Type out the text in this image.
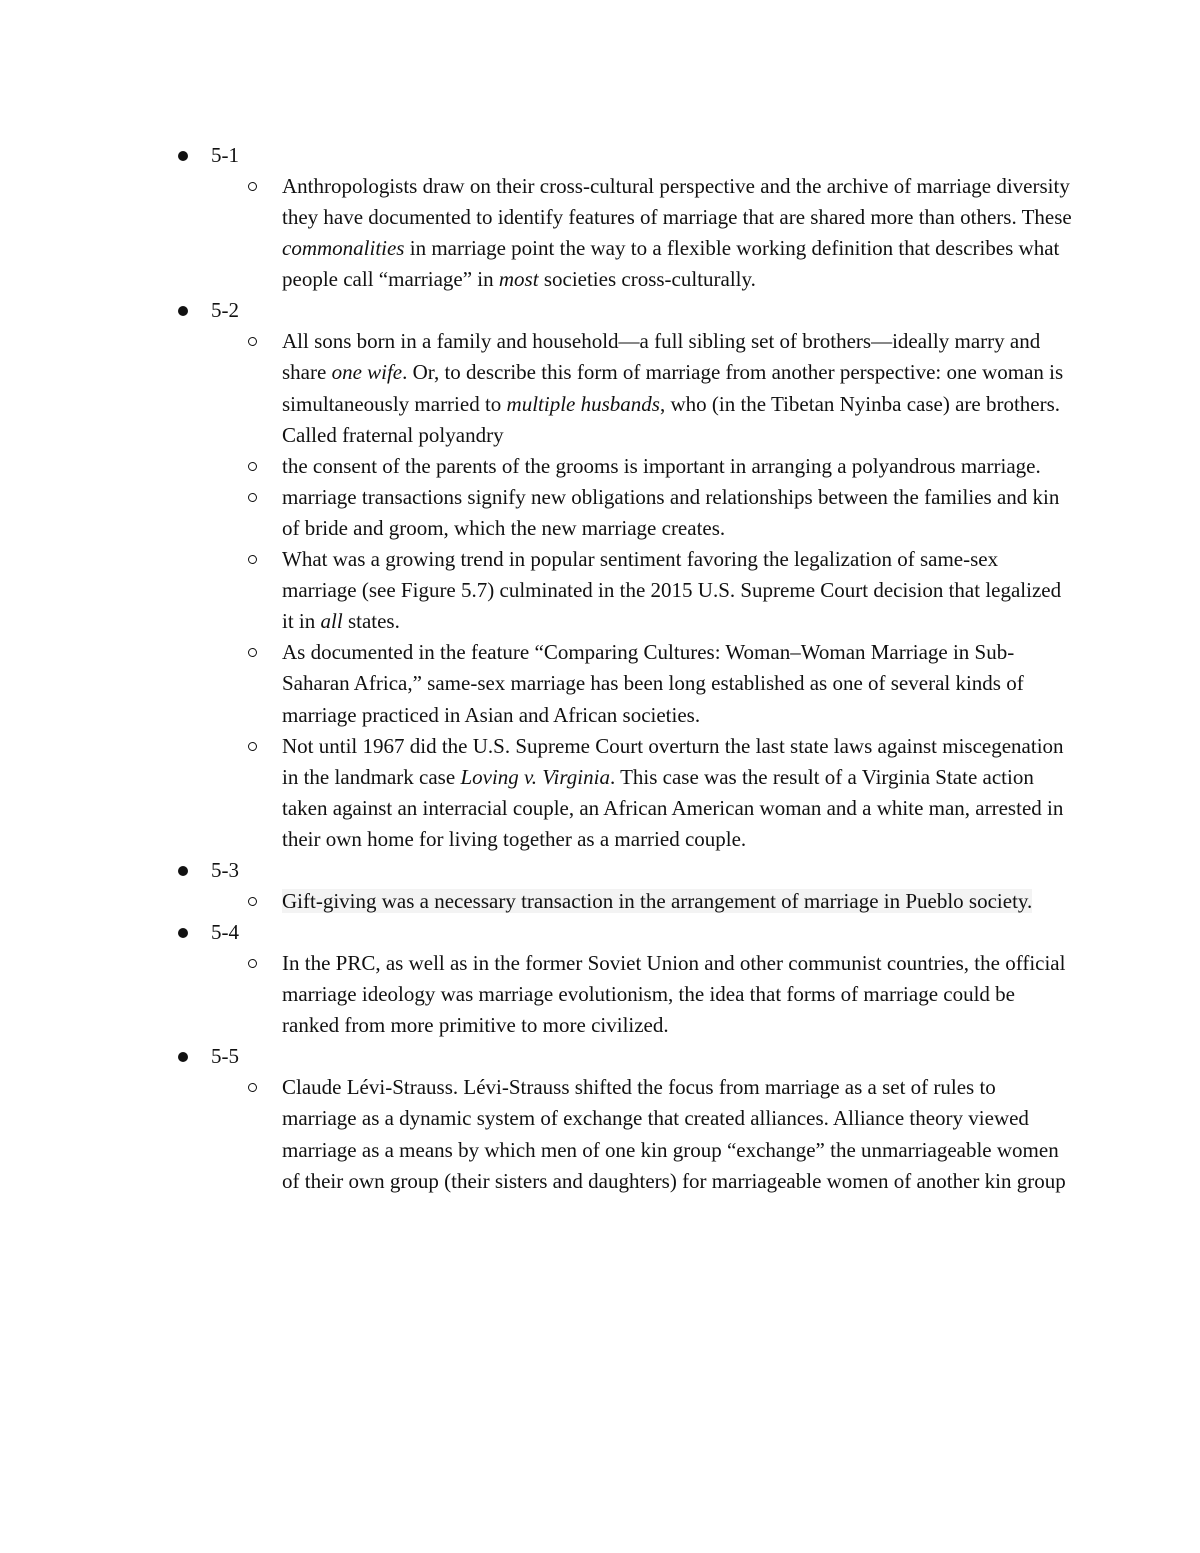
5-1
Anthropologists draw on their cross-cultural perspective and the archive of marriage diversity they have documented to identify features of marriage that are shared more than others. These commonalities in marriage point the way to a flexible working definition that describes what people call “marriage” in most societies cross-culturally.
5-2
All sons born in a family and household—a full sibling set of brothers—ideally marry and share one wife. Or, to describe this form of marriage from another perspective: one woman is simultaneously married to multiple husbands, who (in the Tibetan Nyinba case) are brothers. Called fraternal polyandry
the consent of the parents of the grooms is important in arranging a polyandrous marriage.
marriage transactions signify new obligations and relationships between the families and kin of bride and groom, which the new marriage creates.
What was a growing trend in popular sentiment favoring the legalization of same-sex marriage (see Figure 5.7) culminated in the 2015 U.S. Supreme Court decision that legalized it in all states.
As documented in the feature “Comparing Cultures: Woman–Woman Marriage in Sub-Saharan Africa,” same-sex marriage has been long established as one of several kinds of marriage practiced in Asian and African societies.
Not until 1967 did the U.S. Supreme Court overturn the last state laws against miscegenation in the landmark case Loving v. Virginia. This case was the result of a Virginia State action taken against an interracial couple, an African American woman and a white man, arrested in their own home for living together as a married couple.
5-3
Gift-giving was a necessary transaction in the arrangement of marriage in Pueblo society.
5-4
In the PRC, as well as in the former Soviet Union and other communist countries, the official marriage ideology was marriage evolutionism, the idea that forms of marriage could be ranked from more primitive to more civilized.
5-5
Claude Lévi-Strauss. Lévi-Strauss shifted the focus from marriage as a set of rules to marriage as a dynamic system of exchange that created alliances. Alliance theory viewed marriage as a means by which men of one kin group “exchange” the unmarriageable women of their own group (their sisters and daughters) for marriageable women of another kin group
